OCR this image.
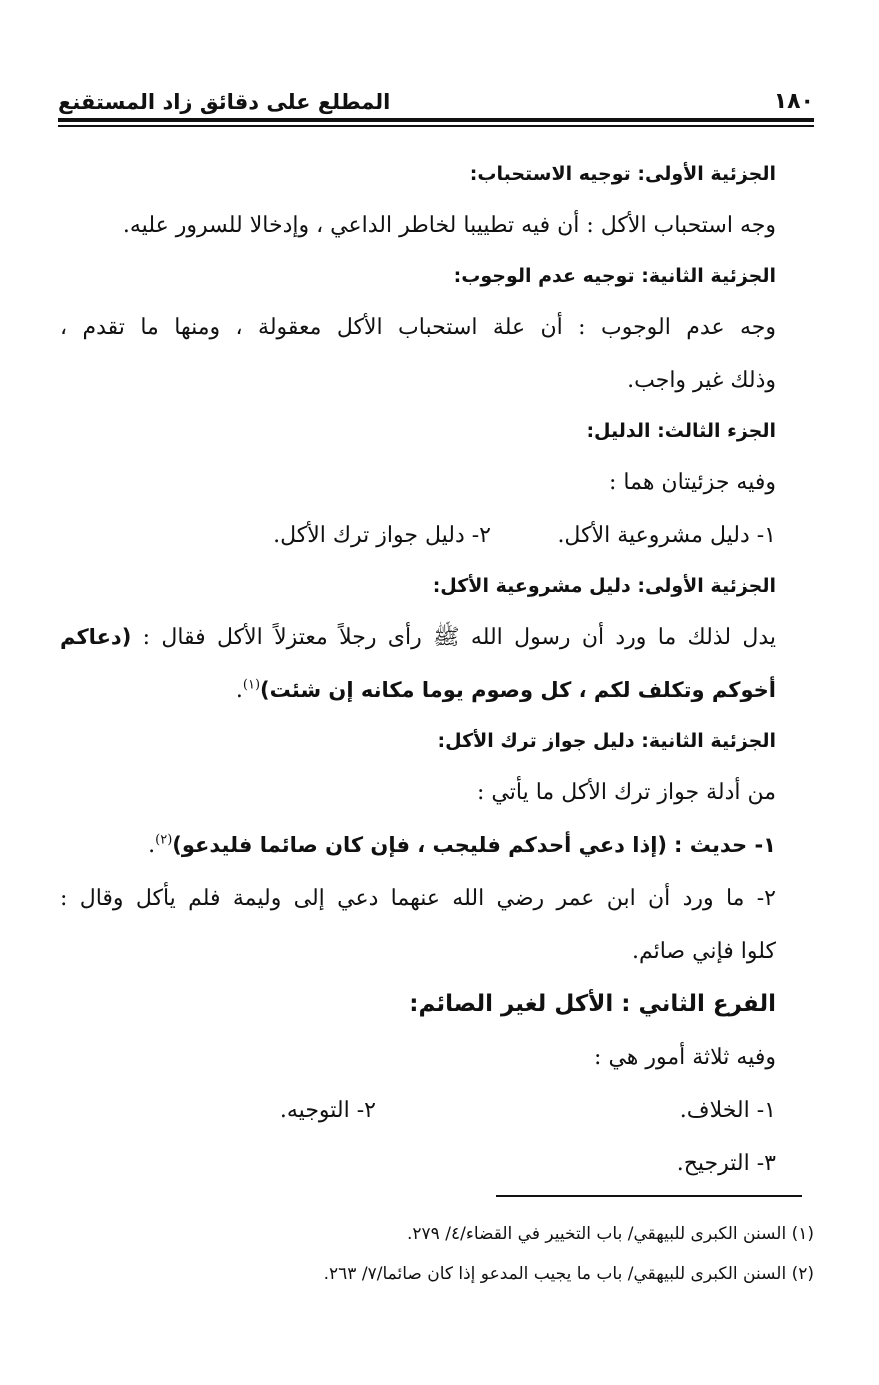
١٨٠
المطلع على دقائق زاد المستقنع
الجزئية الأولى: توجيه الاستحباب:
وجه استحباب الأكل : أن فيه تطييبا لخاطر الداعي ، وإدخالا للسرور عليه.
الجزئية الثانية: توجيه عدم الوجوب:
وجه عدم الوجوب : أن علة استحباب الأكل معقولة ، ومنها ما تقدم ،
وذلك غير واجب.
الجزء الثالث: الدليل:
وفيه جزئيتان هما :
١- دليل مشروعية الأكل.
٢- دليل جواز ترك الأكل.
الجزئية الأولى: دليل مشروعية الأكل:
يدل لذلك ما ورد أن رسول الله ﷺ رأى رجلاً معتزلاً الأكل فقال : (دعاكم
أخوكم وتكلف لكم ، كل وصوم يوما مكانه إن شئت)$^{(١)}$.
الجزئية الثانية: دليل جواز ترك الأكل:
من أدلة جواز ترك الأكل ما يأتي :
١- حديث : (إذا دعي أحدكم فليجب ، فإن كان صائما فليدعو)$^{(٢)}$.
٢- ما ورد أن ابن عمر رضي الله عنهما دعي إلى وليمة فلم يأكل وقال :
كلوا فإني صائم.
الفرع الثاني : الأكل لغير الصائم:
وفيه ثلاثة أمور هي :
١- الخلاف.
٢- التوجيه.
٣- الترجيح.
(١) السنن الكبرى للبيهقي/ باب التخيير في القضاء/٤/ ٢٧٩.
(٢) السنن الكبرى للبيهقي/ باب ما يجيب المدعو إذا كان صائما/٧/ ٢٦٣.
